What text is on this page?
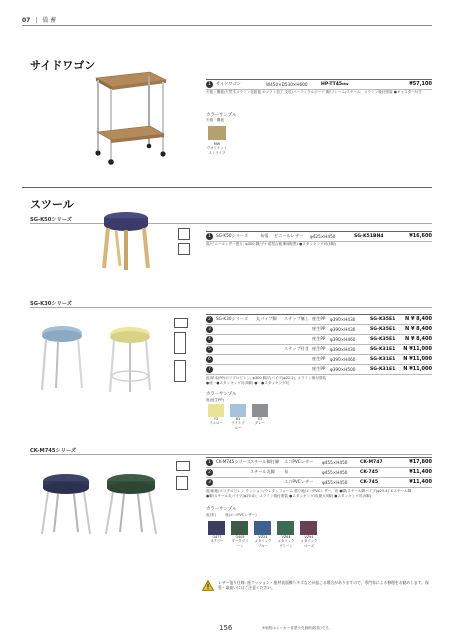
07 | 備 蓄
サイドワゴン
1	サイドワゴン	W450×D530×H600	HP-TT45 MW	¥57,100
天板・棚板/天然木メラミン化粧板 ①ソフト加工 支柱/パーティクルボード 脚/フレーム/スチール、メラミン焼付塗装 ●キャスター付き
カラーサンプル
天板・棚板
MW
ウオリナット
ストライプ
スツール
SG-K50シリーズ
1	SG-K50シリーズ	布張	ビニールレザー	φ425×H450	SG-K51BN4	¥16,600
座/ビニールレザー張り, φ300 脚/ブナ成型合板 脚/積(黒) ●スタッキング可(5脚)
SG-K30シリーズ
2	SG-K30シリーズ	丸パイプ脚	ステップ無し 座生PP	φ390×H430	SG-K35E1 N ¥ 8,400
3	座生PP	φ390×H430	SG-K35E1 N ¥ 8,400
4	座生PP	φ390×H460	SG-K35E1 N ¥ 8,400
5	ステップ付き 座生PP	φ390×H430	SG-K31E1 N ¥11,000
6	座生PP	φ390×H460	SG-K31E1 N ¥11,000
7	座生PP	φ390×H500	SG-K31E1 N ¥11,000
座/単本(PP)ポリプロピレン, φ300 脚/丸パイプ(φ22.2), メラミン焼付塗装
●座一●スタッキング可(5脚) ●一●スタッキング可
カラーサンプル
座(座生PP)
Y2
イエロー
B1
ライトブルー
E3
グレー
CK-M745シリーズ
1	CK-M745シリーズ スチール脚打脚	エコPVCレザー	φ455×H450	CK-M747	¥17,800
2	スチール丸脚	布	φ455×H450	CK-745	¥11,400
3	エコPVCレザー	φ455×H450	CK-745	¥11,400
座/座地/ポリプロピレン クッション/ウレタンフォーム 張り地/エコPVCレザー、布 ●脚/スチール脚パイプ(φ25.4) ①スチール脚
●脚/スチール丸パイプ(φ25.4)、メラミン焼付塗装 ●スタッキング可(最大5脚) ●スタッキング可(5脚)
カラーサンプル
座(布)        座(エコPVCレザー)
G477
ネイビー
G405
ダークグリーン
VZ24
メタリックブルー
VZ64
メタリックグリーン
VZ94
メタリックローズ
レザー張り仕様: 座クッション・座材表面擦りキズなどが起こる場合がありますので、専門家による修理をお勧めします。保管・取扱いにはご注意ください。
156	※価格はメーカー希望小売価格(税抜)です。
